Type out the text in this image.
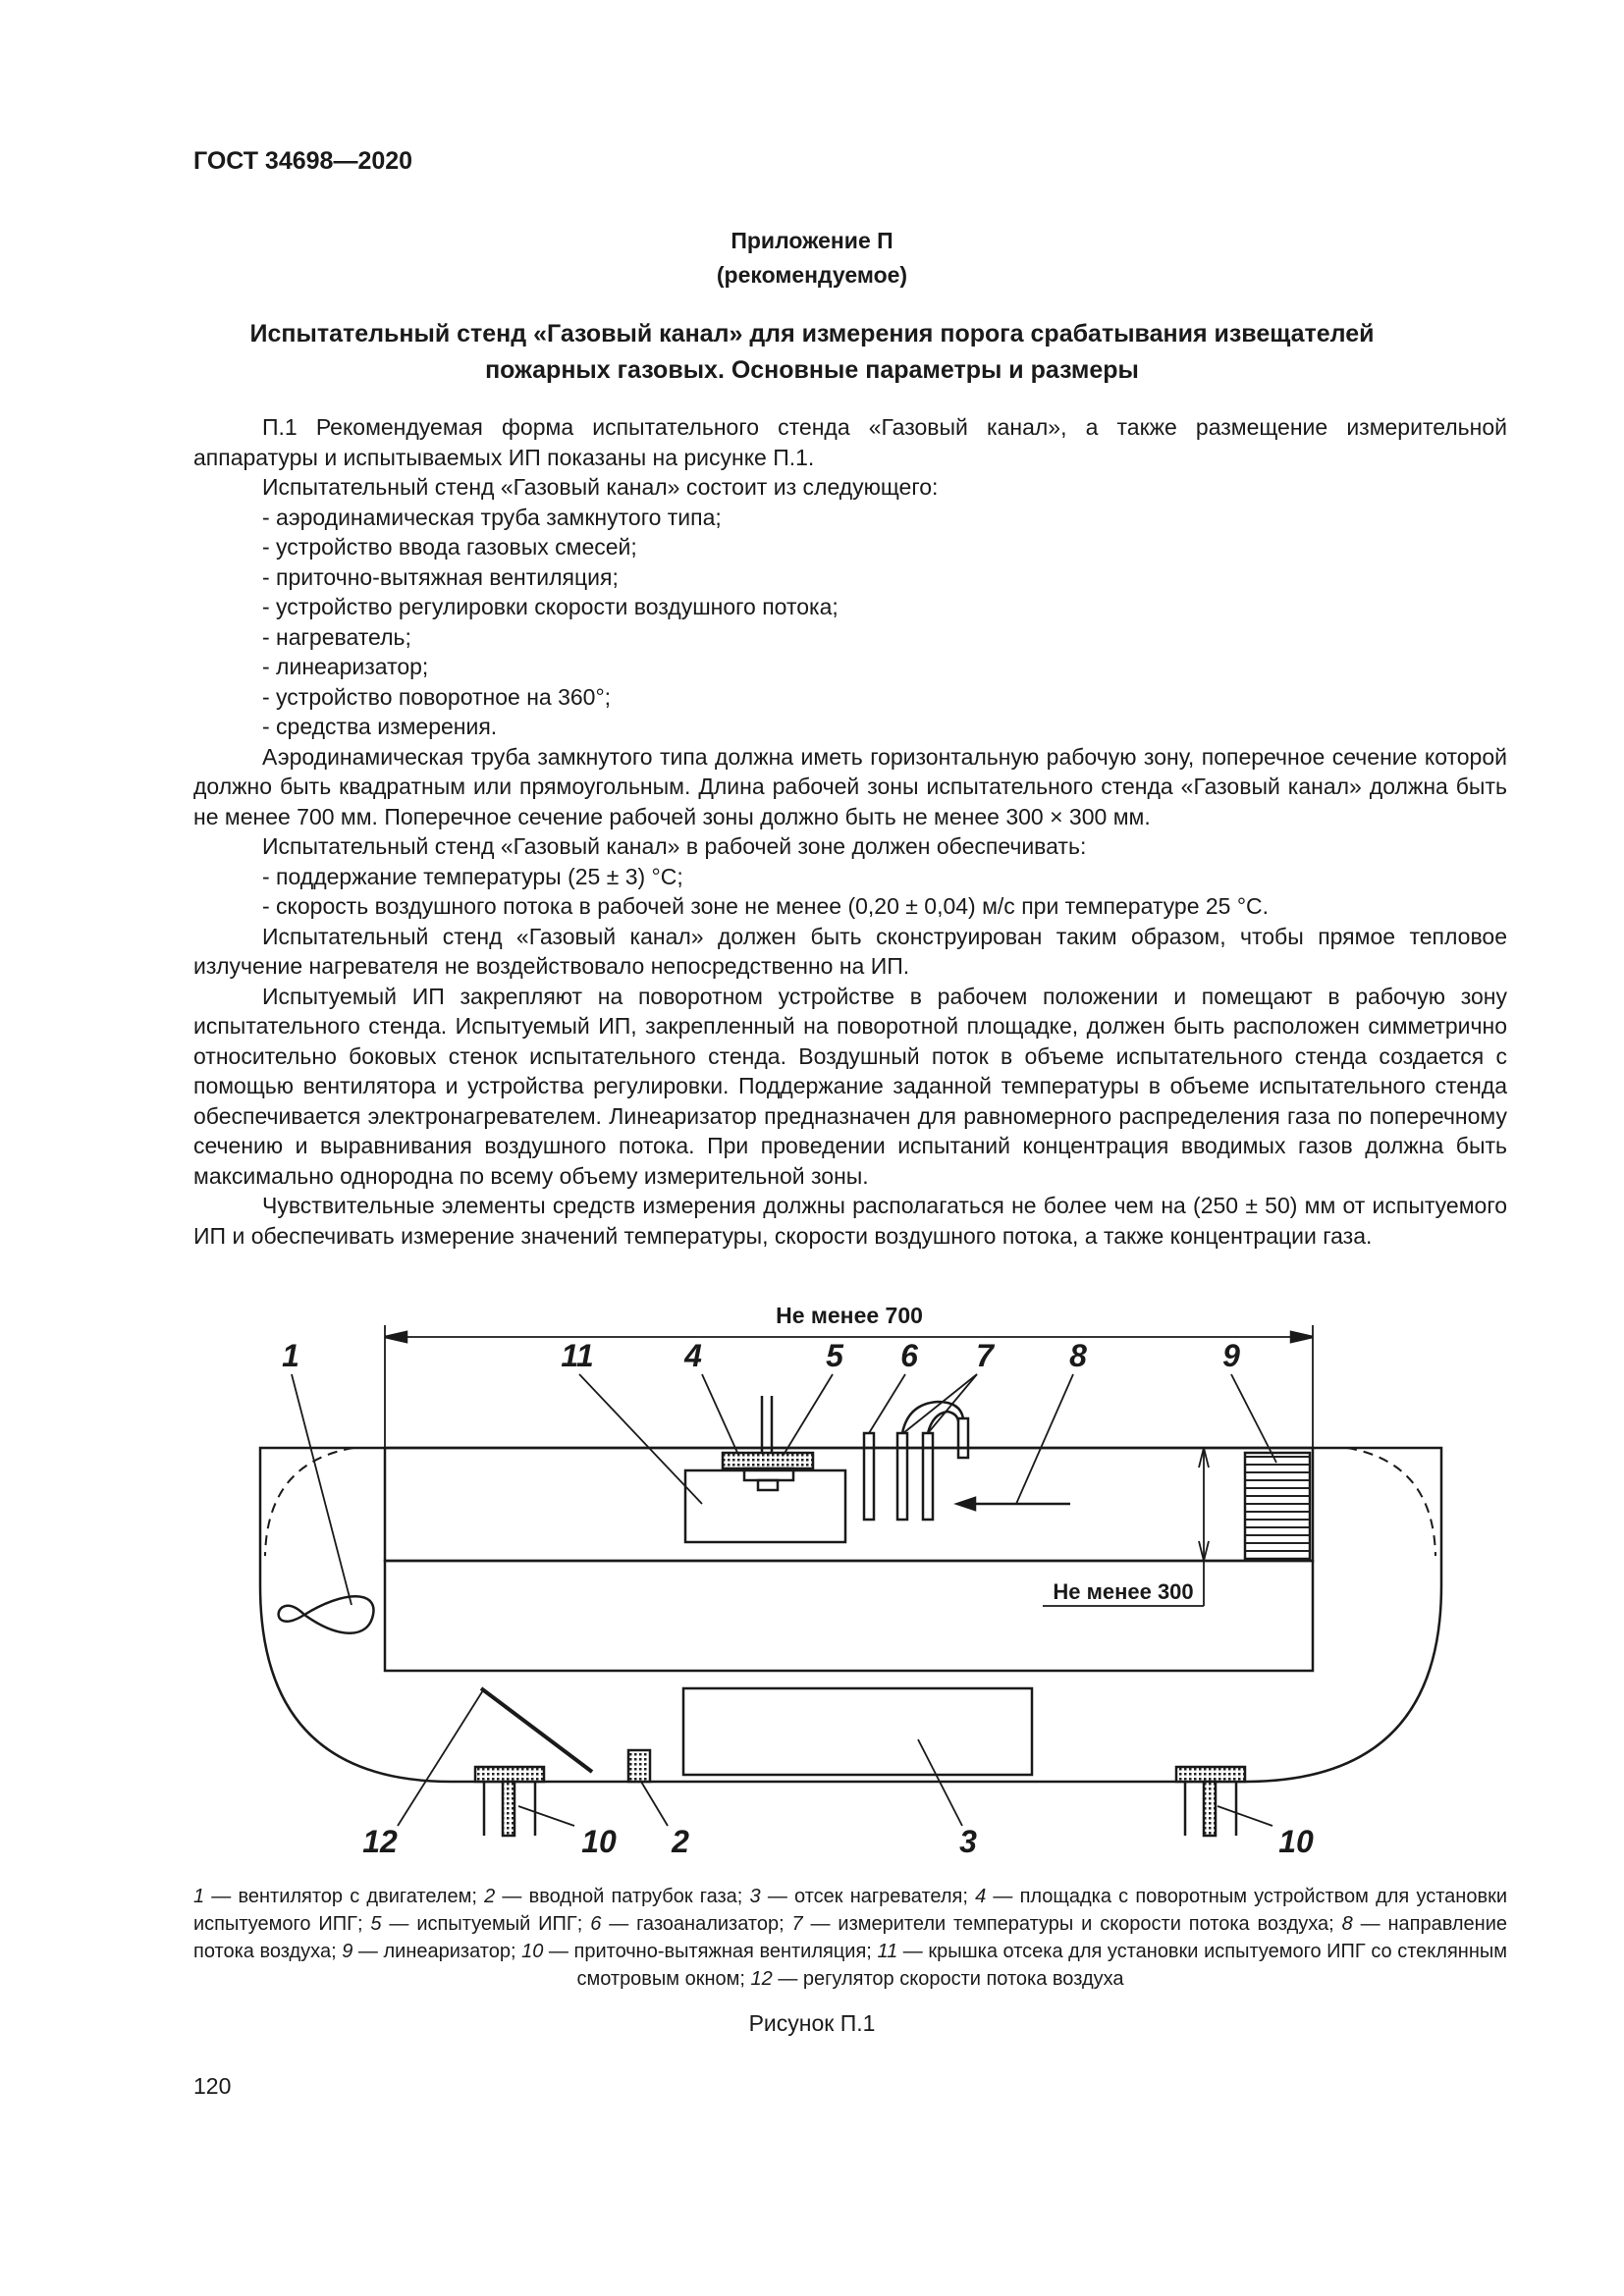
ГОСТ 34698—2020
Приложение П
(рекомендуемое)
Испытательный стенд «Газовый канал» для измерения порога срабатывания извещателей
пожарных газовых. Основные параметры и размеры

П.1 Рекомендуемая форма испытательного стенда «Газовый канал», а также размещение измерительной аппаратуры и испытываемых ИП показаны на рисунке П.1.

Испытательный стенд «Газовый канал» состоит из следующего:

- аэродинамическая труба замкнутого типа;

- устройство ввода газовых смесей;

- приточно-вытяжная вентиляция;

- устройство регулировки скорости воздушного потока;

- нагреватель;

- линеаризатор;

- устройство поворотное на 360°;

- средства измерения.

Аэродинамическая труба замкнутого типа должна иметь горизонтальную рабочую зону, поперечное сечение которой должно быть квадратным или прямоугольным. Длина рабочей зоны испытательного стенда «Газовый канал» должна быть не менее 700 мм. Поперечное сечение рабочей зоны должно быть не менее 300 × 300 мм.

Испытательный стенд «Газовый канал» в рабочей зоне должен обеспечивать:

- поддержание температуры (25 ± 3) °С;

- скорость воздушного потока в рабочей зоне не менее (0,20 ± 0,04) м/с при температуре 25 °С.

Испытательный стенд «Газовый канал» должен быть сконструирован таким образом, чтобы прямое тепловое излучение нагревателя не воздействовало непосредственно на ИП.

Испытуемый ИП закрепляют на поворотном устройстве в рабочем положении и помещают в рабочую зону испытательного стенда. Испытуемый ИП, закрепленный на поворотной площадке, должен быть расположен симметрично относительно боковых стенок испытательного стенда. Воздушный поток в объеме испытательного стенда создается с помощью вентилятора и устройства регулировки. Поддержание заданной температуры в объеме испытательного стенда обеспечивается электронагревателем. Линеаризатор предназначен для равномерного распределения газа по поперечному сечению и выравнивания воздушного потока. При проведении испытаний концентрация вводимых газов должна быть максимально однородна по всему объему измерительной зоны.

Чувствительные элементы средств измерения должны располагаться не более чем на (250 ± 50) мм от испытуемого ИП и обеспечивать измерение значений температуры, скорости воздушного потока, а также концентрации газа.

Не менее 700
Не менее 300
1	11	4	5 6 7 8	9
12	10 2	3	10
1 — вентилятор с двигателем; 2 — вводной патрубок газа; 3 — отсек нагревателя; 4 — площадка с поворотным устройством для установки испытуемого ИПГ; 5 — испытуемый ИПГ; 6 — газоанализатор; 7 — измерители температуры и скорости потока воздуха; 8 — направление потока воздуха; 9 — линеаризатор; 10 — приточно-вытяжная вентиляция; 11 — крышка отсека для установки испытуемого ИПГ со стеклянным смотровым окном; 12 — регулятор скорости потока воздуха
Рисунок П.1
120
